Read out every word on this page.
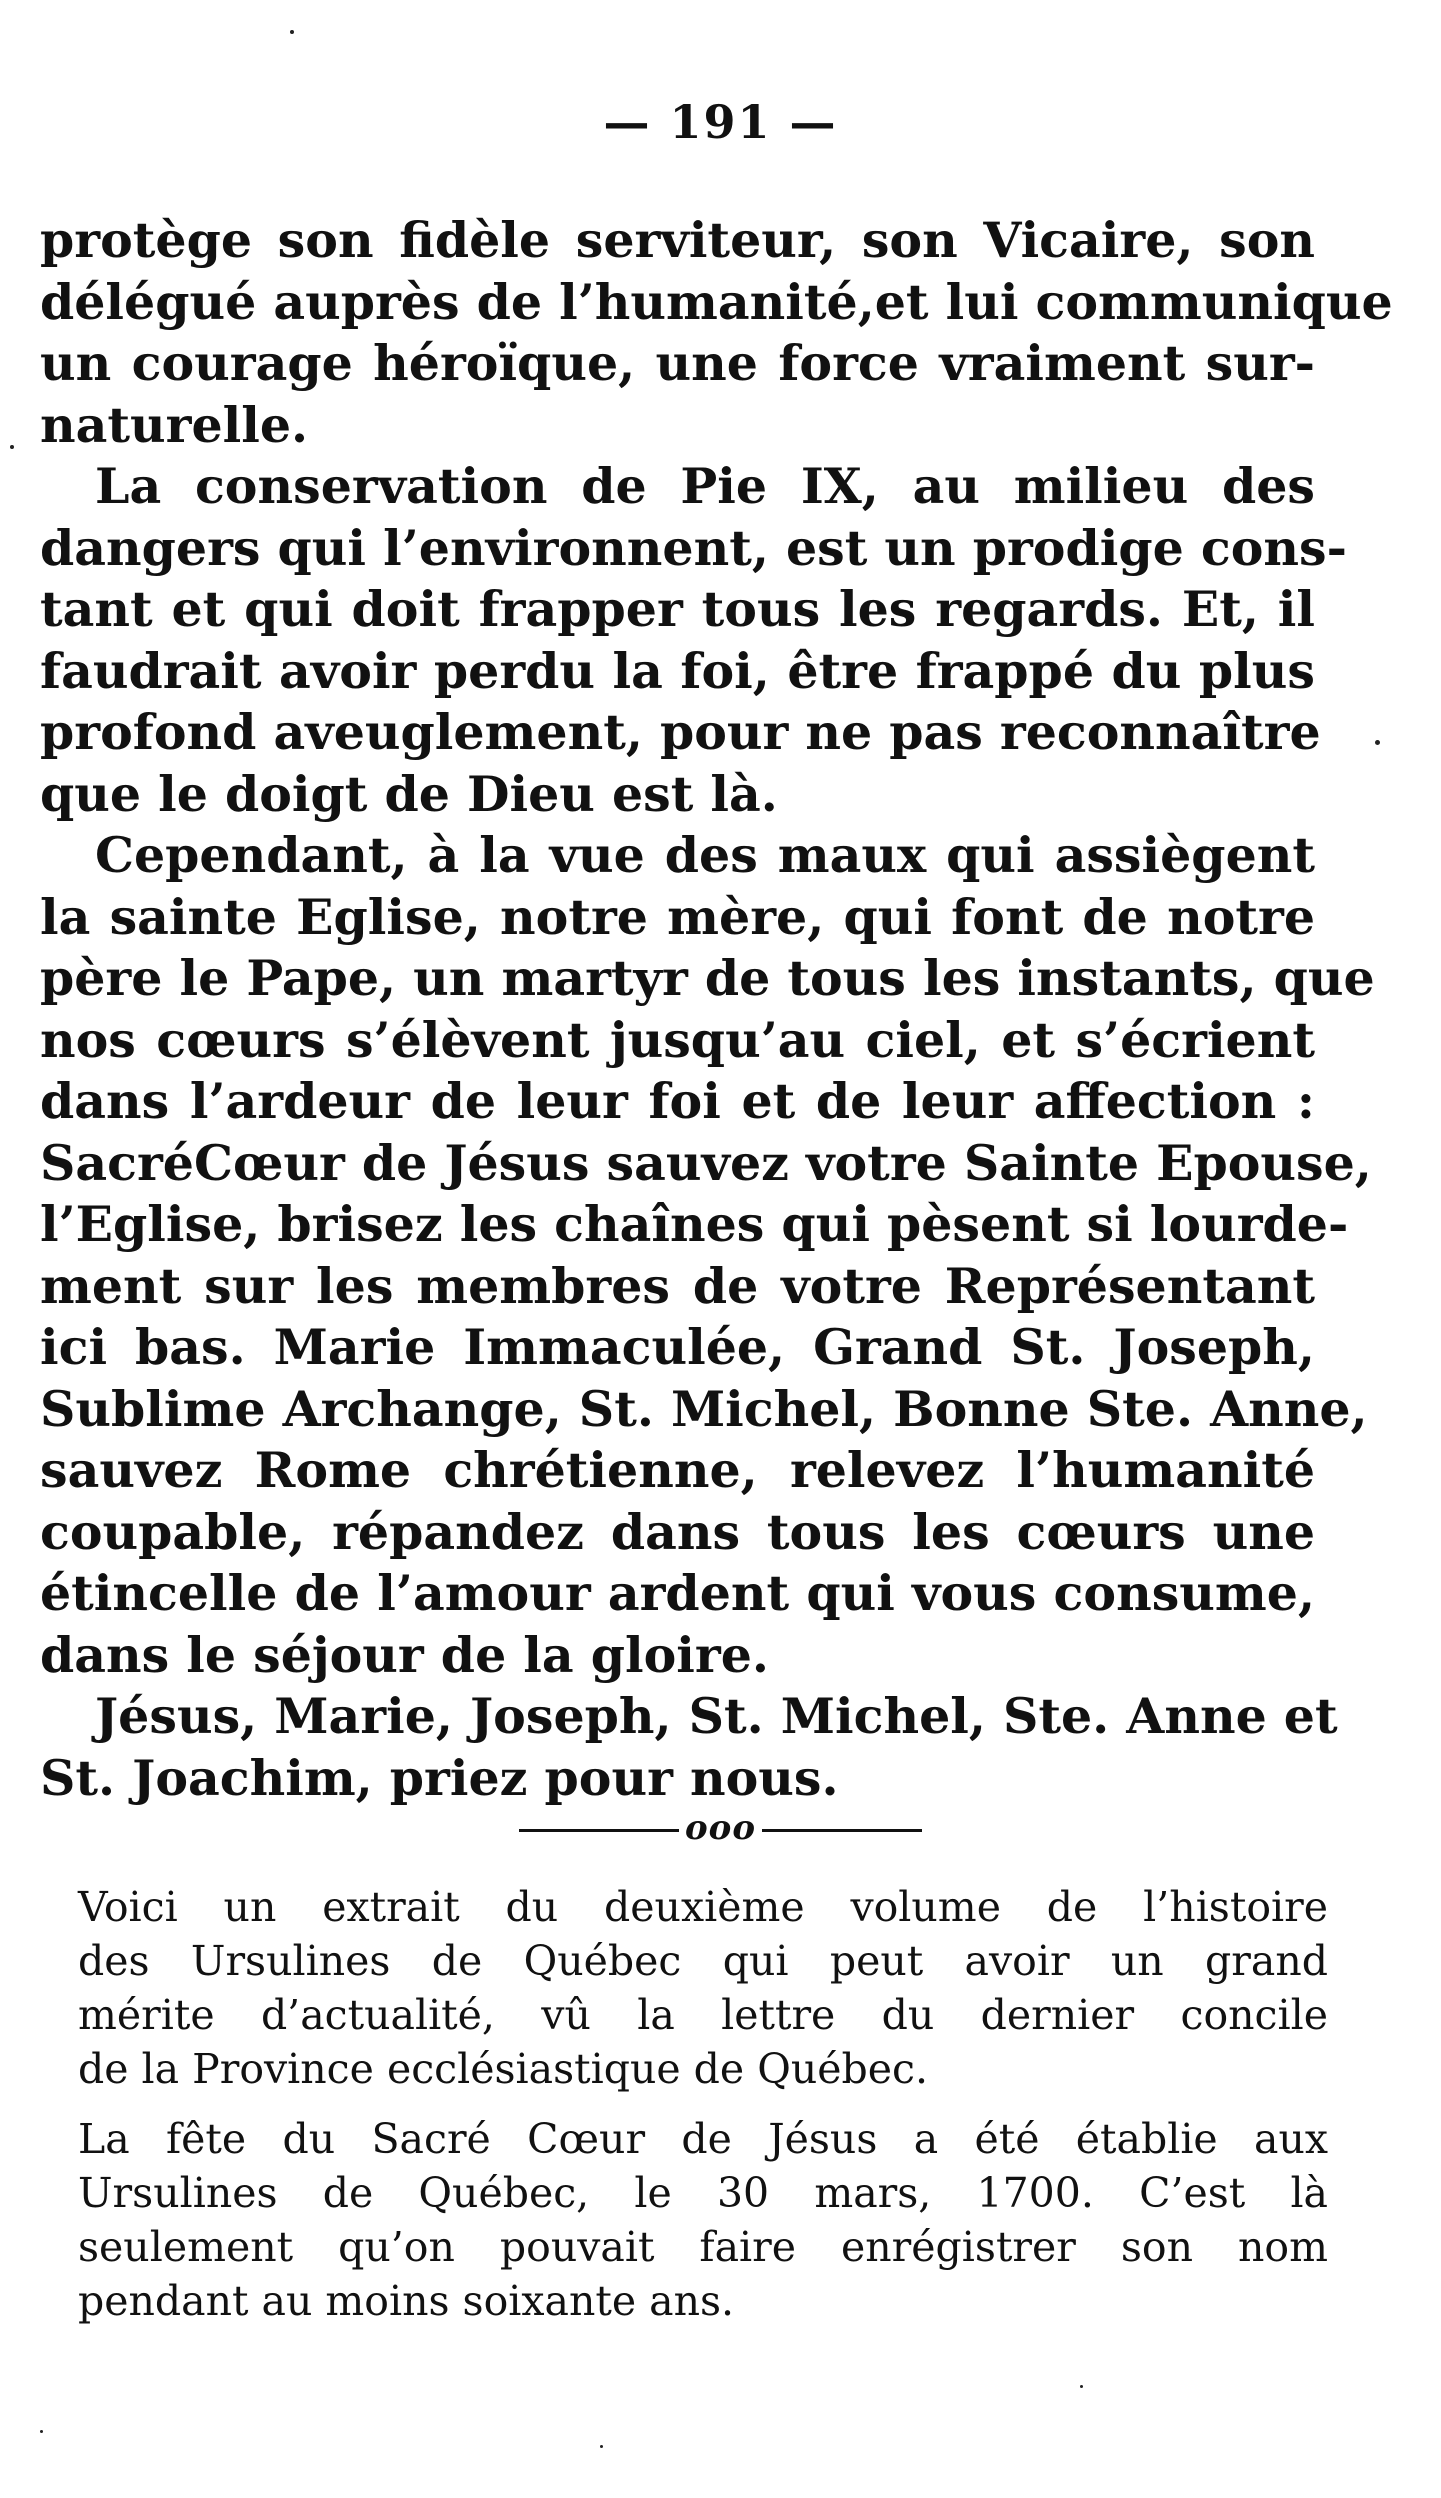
— 191 —
protège son fidèle serviteur, son Vicaire, son
délégué auprès de l’humanité,et lui communique
un courage héroïque, une force vraiment sur-
naturelle.
La conservation de Pie IX, au milieu des
dangers qui l’environnent, est un prodige cons-
tant et qui doit frapper tous les regards. Et, il
faudrait avoir perdu la foi, être frappé du plus
profond aveuglement, pour ne pas reconnaître
que le doigt de Dieu est là.
Cependant, à la vue des maux qui assiègent
la sainte Eglise, notre mère, qui font de notre
père le Pape, un martyr de tous les instants, que
nos cœurs s’élèvent jusqu’au ciel, et s’écrient
dans l’ardeur de leur foi et de leur affection :
SacréCœur de Jésus sauvez votre Sainte Epouse,
l’Eglise, brisez les chaînes qui pèsent si lourde-
ment sur les membres de votre Représentant
ici bas. Marie Immaculée, Grand St. Joseph,
Sublime Archange, St. Michel, Bonne Ste. Anne,
sauvez Rome chrétienne, relevez l’humanité
coupable, répandez dans tous les cœurs une
étincelle de l’amour ardent qui vous consume,
dans le séjour de la gloire.
Jésus, Marie, Joseph, St. Michel, Ste. Anne et
St. Joachim, priez pour nous.
ooo
Voici un extrait du deuxième volume de l’histoire
des Ursulines de Québec qui peut avoir un grand
mérite d’actualité, vû la lettre du dernier concile
de la Province ecclésiastique de Québec.
La fête du Sacré Cœur de Jésus a été établie aux
Ursulines de Québec, le 30 mars, 1700. C’est là
seulement qu’on pouvait faire enrégistrer son nom
pendant au moins soixante ans.
